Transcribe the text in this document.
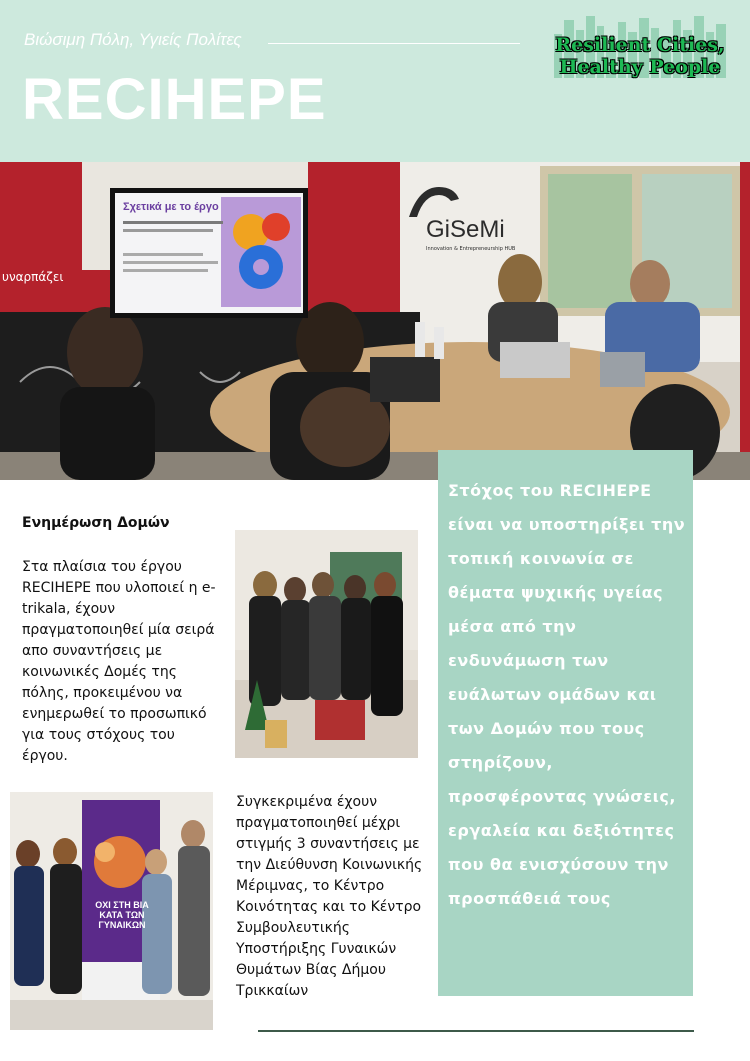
Βιώσιμη Πόλη, Υγιείς Πολίτες
RECIHEPE
Resilient Cities,
Healthy People
Σχετικά με το έργο
GiSeMi
Innovation & Entrepreneurship HUB
υναρπάζει
Ενημέρωση Δομών
Στα πλαίσια του έργου RECIHEPE που υλοποιεί η e-trikala, έχουν πραγματοποιηθεί μία σειρά απο συναντήσεις με κοινωνικές Δομές της πόλης, προκειμένου να ενημερωθεί το προσωπικό για τους στόχους του έργου.
ΟΧΙ ΣΤΗ ΒΙΑ ΚΑΤΑ ΤΩΝ ΓΥΝΑΙΚΩΝ
Συγκεκριμένα έχουν πραγματοποιηθεί μέχρι στιγμής 3 συναντήσεις με την Διεύθυνση Κοινωνικής Μέριμνας, το Κέντρο Κοινότητας και το Κέντρο Συμβουλευτικής Υποστήριξης Γυναικών Θυμάτων Βίας Δήμου Τρικκαίων
Στόχος του RECIHEPE είναι να υποστηρίξει την τοπική κοινωνία σε θέματα ψυχικής υγείας μέσα από την ενδυνάμωση των ευάλωτων ομάδων και των Δομών που τους στηρίζουν, προσφέροντας γνώσεις, εργαλεία και δεξιότητες που θα ενισχύσουν την προσπάθειά τους
